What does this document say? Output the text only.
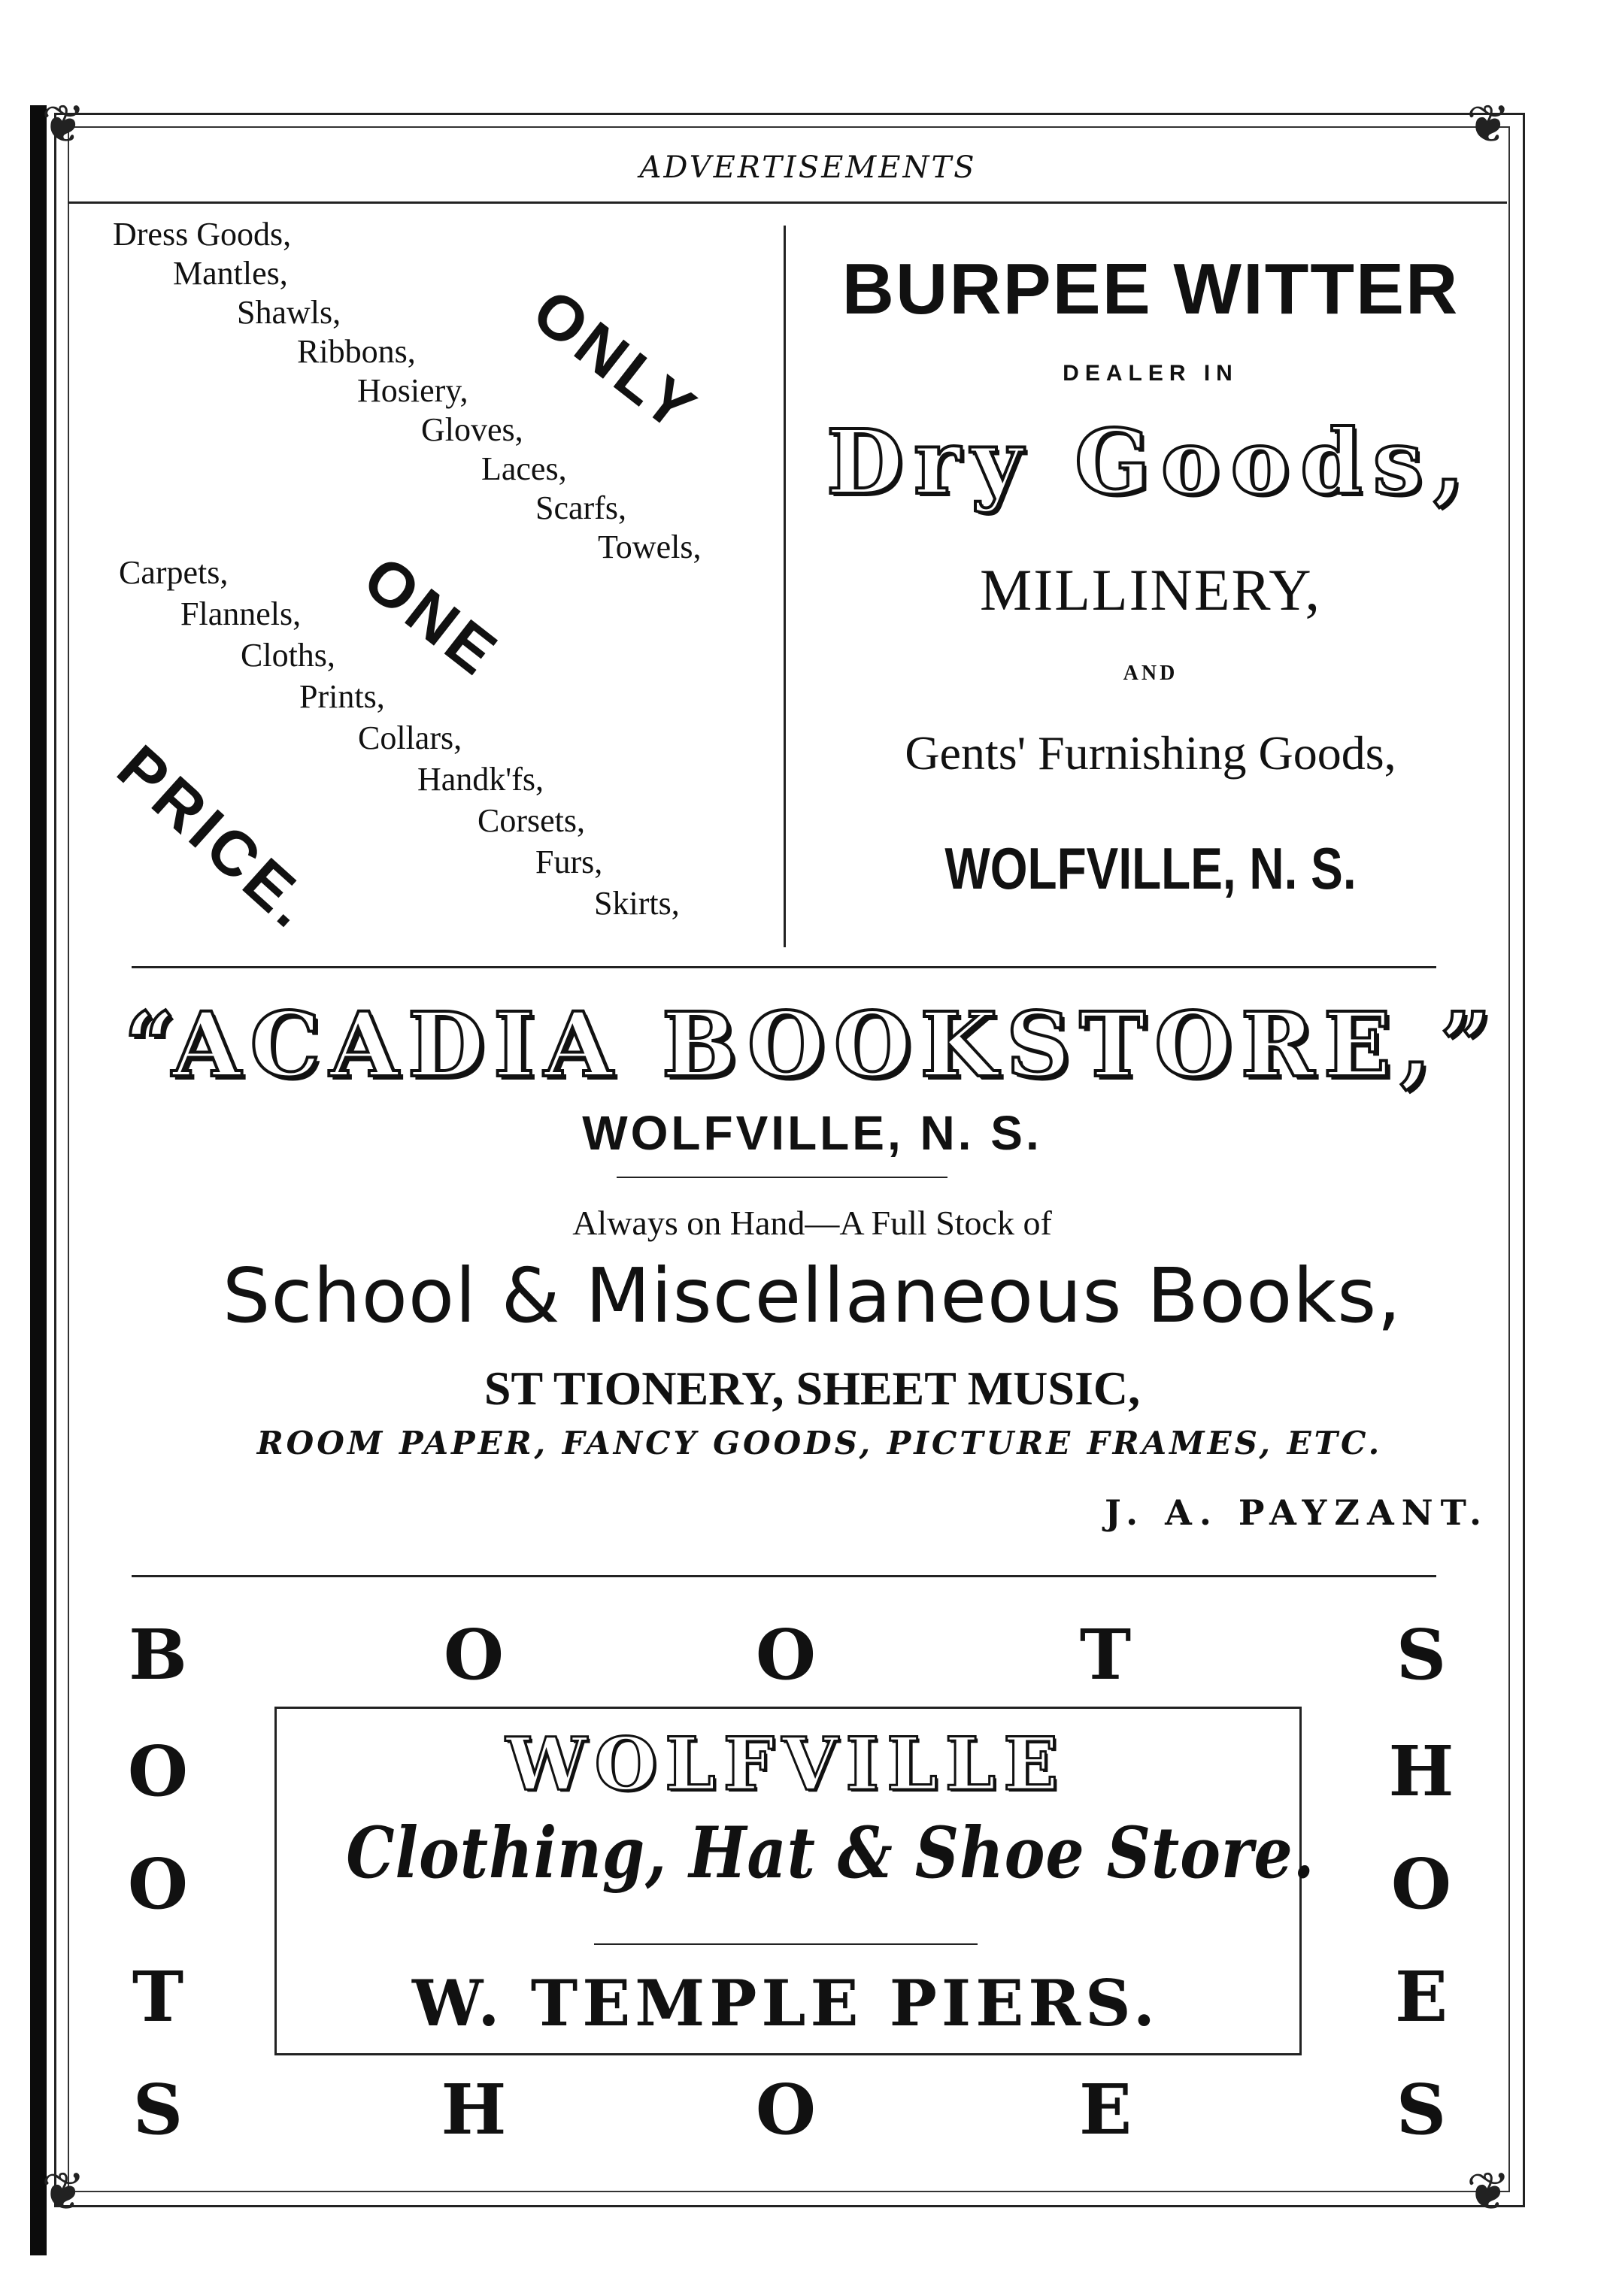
❦	❦
❦	❦
ADVERTISEMENTS
Dress Goods,
Mantles,
Shawls,
Ribbons,
Hosiery,
Gloves,
Laces,
Scarfs,
Towels,
Carpets,
Flannels,
Cloths,
Prints,
Collars,
Handk'fs,
Corsets,
Furs,
Skirts,
ONLY
ONE
PRICE.
BURPEE WITTER
DEALER IN
Dry Goods,
MILLINERY,
AND
Gents' Furnishing Goods,
WOLFVILLE, N. S.
“ACADIA BOOKSTORE,”
WOLFVILLE, N. S.
Always on Hand—A Full Stock of
School & Miscellaneous Books,
ST TIONERY, SHEET MUSIC,
ROOM PAPER, FANCY GOODS, PICTURE FRAMES, ETC.
J. A. PAYZANT.
B	O	O	T	S
O
O
T
H
O
E
S	H	O	E	S
WOLFVILLE
Clothing, Hat & Shoe Store.
W. TEMPLE PIERS.
